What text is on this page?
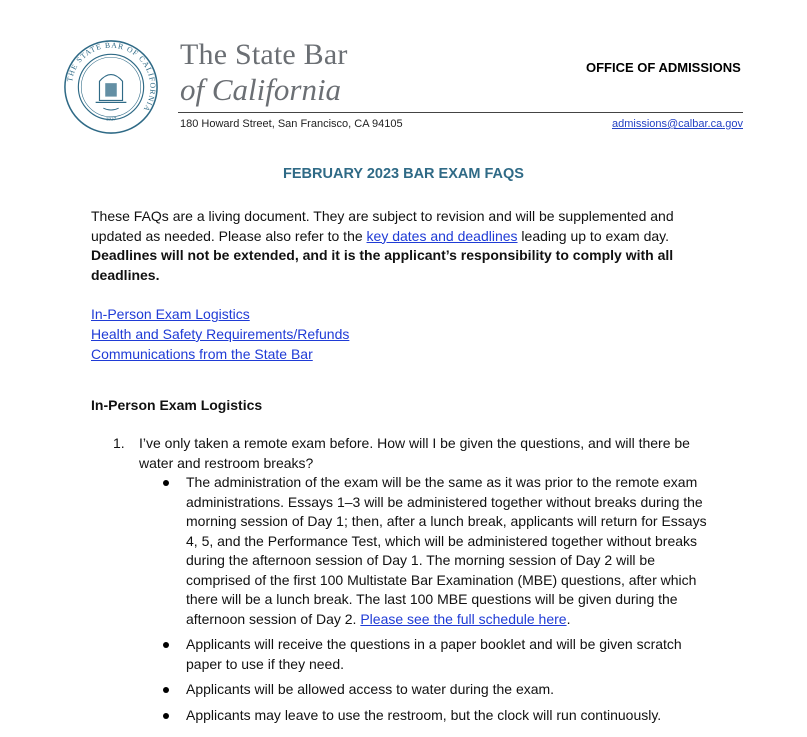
THE STATE BAR OF CALIFORNIA
1927
The State Bar
of California
OFFICE OF ADMISSIONS
180 Howard Street, San Francisco, CA 94105	admissions@calbar.ca.gov
FEBRUARY 2023 BAR EXAM FAQS
These FAQs are a living document. They are subject to revision and will be supplemented and updated as needed. Please also refer to the key dates and deadlines leading up to exam day.
Deadlines will not be extended, and it is the applicant’s responsibility to comply with all deadlines.
In-Person Exam Logistics
Health and Safety Requirements/Refunds
Communications from the State Bar
In-Person Exam Logistics
1. I’ve only taken a remote exam before. How will I be given the questions, and will there be water and restroom breaks?
The administration of the exam will be the same as it was prior to the remote exam administrations. Essays 1–3 will be administered together without breaks during the morning session of Day 1; then, after a lunch break, applicants will return for Essays 4, 5, and the Performance Test, which will be administered together without breaks during the afternoon session of Day 1. The morning session of Day 2 will be comprised of the first 100 Multistate Bar Examination (MBE) questions, after which there will be a lunch break. The last 100 MBE questions will be given during the afternoon session of Day 2. Please see the full schedule here.
Applicants will receive the questions in a paper booklet and will be given scratch paper to use if they need.
Applicants will be allowed access to water during the exam.
Applicants may leave to use the restroom, but the clock will run continuously.
